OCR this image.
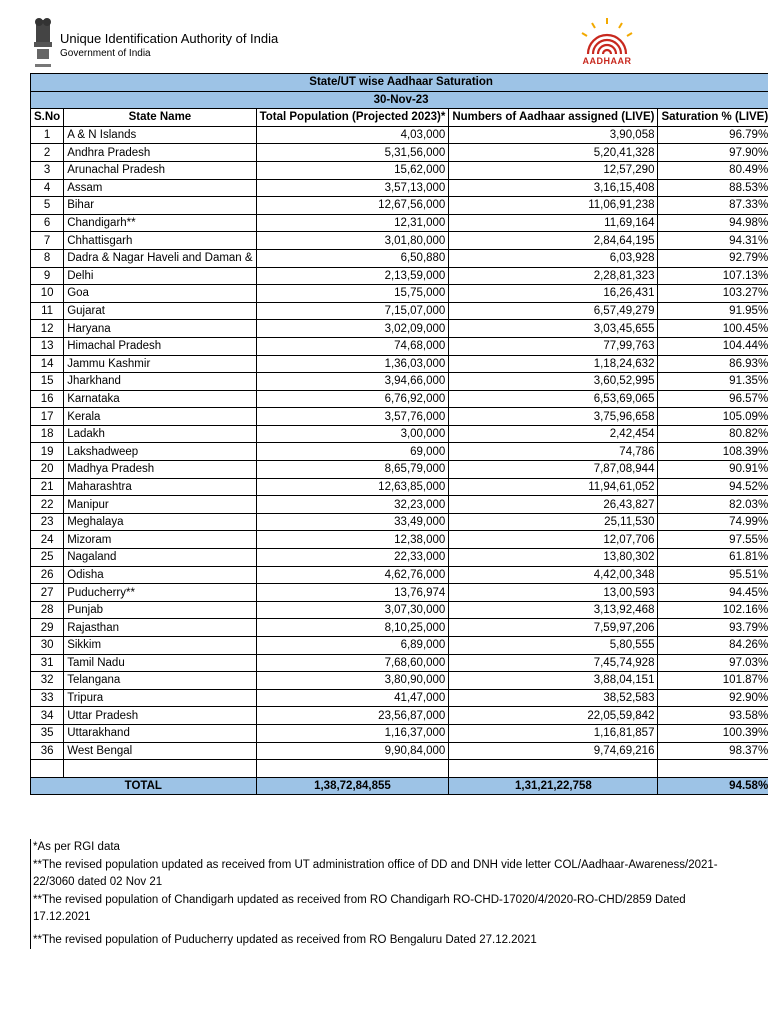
Unique Identification Authority of India
Government of India
AADHAAR
State/UT wise Aadhaar Saturation				
30-Nov-23				
S.No	State Name	Total Population (Projected 2023)*	Numbers of Aadhaar assigned (LIVE)	Saturation % (LIVE)
1	A & N Islands	4,03,000	3,90,058	96.79%
2	Andhra Pradesh	5,31,56,000	5,20,41,328	97.90%
3	Arunachal Pradesh	15,62,000	12,57,290	80.49%
4	Assam	3,57,13,000	3,16,15,408	88.53%
5	Bihar	12,67,56,000	11,06,91,238	87.33%
6	Chandigarh**	12,31,000	11,69,164	94.98%
7	Chhattisgarh	3,01,80,000	2,84,64,195	94.31%
8	Dadra & Nagar Haveli and Daman &	6,50,880	6,03,928	92.79%
9	Delhi	2,13,59,000	2,28,81,323	107.13%
10	Goa	15,75,000	16,26,431	103.27%
11	Gujarat	7,15,07,000	6,57,49,279	91.95%
12	Haryana	3,02,09,000	3,03,45,655	100.45%
13	Himachal Pradesh	74,68,000	77,99,763	104.44%
14	Jammu Kashmir	1,36,03,000	1,18,24,632	86.93%
15	Jharkhand	3,94,66,000	3,60,52,995	91.35%
16	Karnataka	6,76,92,000	6,53,69,065	96.57%
17	Kerala	3,57,76,000	3,75,96,658	105.09%
18	Ladakh	3,00,000	2,42,454	80.82%
19	Lakshadweep	69,000	74,786	108.39%
20	Madhya Pradesh	8,65,79,000	7,87,08,944	90.91%
21	Maharashtra	12,63,85,000	11,94,61,052	94.52%
22	Manipur	32,23,000	26,43,827	82.03%
23	Meghalaya	33,49,000	25,11,530	74.99%
24	Mizoram	12,38,000	12,07,706	97.55%
25	Nagaland	22,33,000	13,80,302	61.81%
26	Odisha	4,62,76,000	4,42,00,348	95.51%
27	Puducherry**	13,76,974	13,00,593	94.45%
28	Punjab	3,07,30,000	3,13,92,468	102.16%
29	Rajasthan	8,10,25,000	7,59,97,206	93.79%
30	Sikkim	6,89,000	5,80,555	84.26%
31	Tamil Nadu	7,68,60,000	7,45,74,928	97.03%
32	Telangana	3,80,90,000	3,88,04,151	101.87%
33	Tripura	41,47,000	38,52,583	92.90%
34	Uttar Pradesh	23,56,87,000	22,05,59,842	93.58%
35	Uttarakhand	1,16,37,000	1,16,81,857	100.39%
36	West Bengal	9,90,84,000	9,74,69,216	98.37%

TOTAL		1,38,72,84,855	1,31,21,22,758	94.58%
*As per RGI data
**The revised population updated as received from UT administration office of DD and DNH vide letter COL/Aadhaar-Awareness/2021-22/3060 dated 02 Nov 21
**The revised population of Chandigarh updated as received from RO Chandigarh RO-CHD-17020/4/2020-RO-CHD/2859 Dated 17.12.2021
**The revised population of Puducherry updated as received from RO Bengaluru Dated 27.12.2021
